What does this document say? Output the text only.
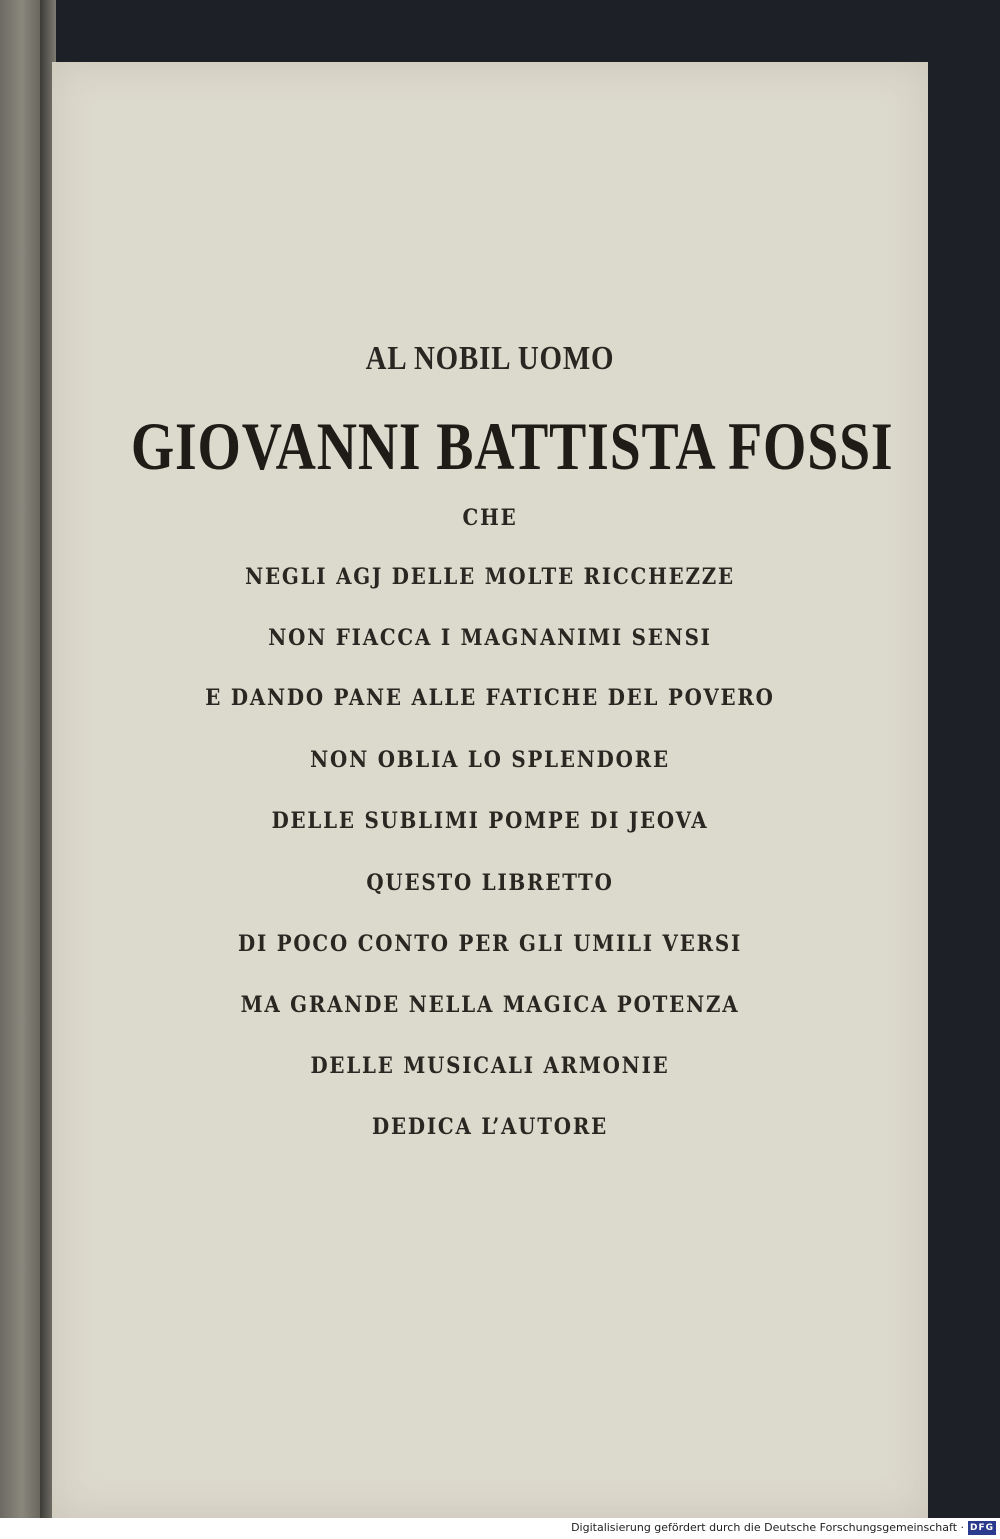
AL NOBIL UOMO
GIOVANNI BATTISTA FOSSI
CHE
NEGLI AGJ DELLE MOLTE RICCHEZZE
NON FIACCA I MAGNANIMI SENSI
E DANDO PANE ALLE FATICHE DEL POVERO
NON OBLIA LO SPLENDORE
DELLE SUBLIMI POMPE DI JEOVA
QUESTO LIBRETTO
DI POCO CONTO PER GLI UMILI VERSI
MA GRANDE NELLA MAGICA POTENZA
DELLE MUSICALI ARMONIE
DEDICA L’AUTORE
Digitalisierung gefördert durch die Deutsche Forschungsgemeinschaft · DFG
